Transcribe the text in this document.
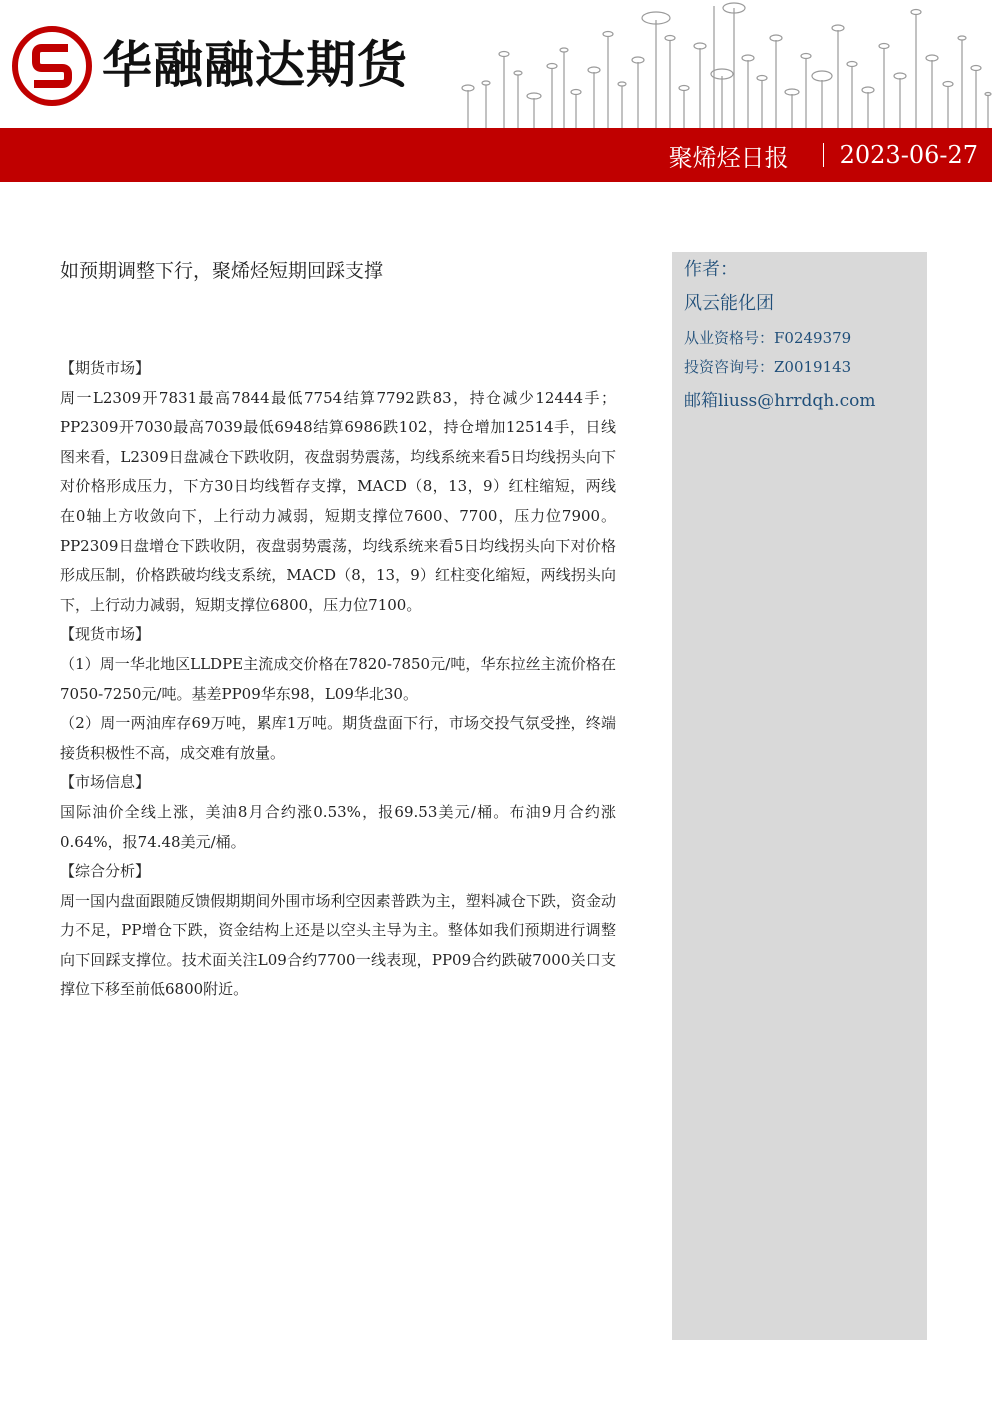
华融融达期货
聚烯烃日报 2023-06-27

如预期调整下行，聚烯烃短期回踩支撑

【期货市场】

周一L2309开7831最高7844最低7754结算7792跌83，持仓减少12444手；PP2309开7030最高7039最低6948结算6986跌102，持仓增加12514手，日线图来看，L2309日盘减仓下跌收阴，夜盘弱势震荡，均线系统来看5日均线拐头向下对价格形成压力，下方30日均线暂存支撑，MACD（8，13，9）红柱缩短，两线在0轴上方收敛向下，上行动力减弱，短期支撑位7600、7700，压力位7900。PP2309日盘增仓下跌收阴，夜盘弱势震荡，均线系统来看5日均线拐头向下对价格形成压制，价格跌破均线支系统，MACD（8，13，9）红柱变化缩短，两线拐头向下，上行动力减弱，短期支撑位6800，压力位7100。

【现货市场】

（1）周一华北地区LLDPE主流成交价格在7820-7850元/吨，华东拉丝主流价格在7050-7250元/吨。基差PP09华东98，L09华北30。

（2）周一两油库存69万吨，累库1万吨。期货盘面下行，市场交投气氛受挫，终端接货积极性不高，成交难有放量。

【市场信息】

国际油价全线上涨，美油8月合约涨0.53%，报69.53美元/桶。布油9月合约涨0.64%，报74.48美元/桶。

【综合分析】

周一国内盘面跟随反馈假期期间外围市场利空因素普跌为主，塑料减仓下跌，资金动力不足，PP增仓下跌，资金结构上还是以空头主导为主。整体如我们预期进行调整向下回踩支撑位。技术面关注L09合约7700一线表现，PP09合约跌破7000关口支撑位下移至前低6800附近。

作者：

风云能化团

从业资格号：F0249379

投资咨询号：Z0019143

邮箱liuss@hrrdqh.com
